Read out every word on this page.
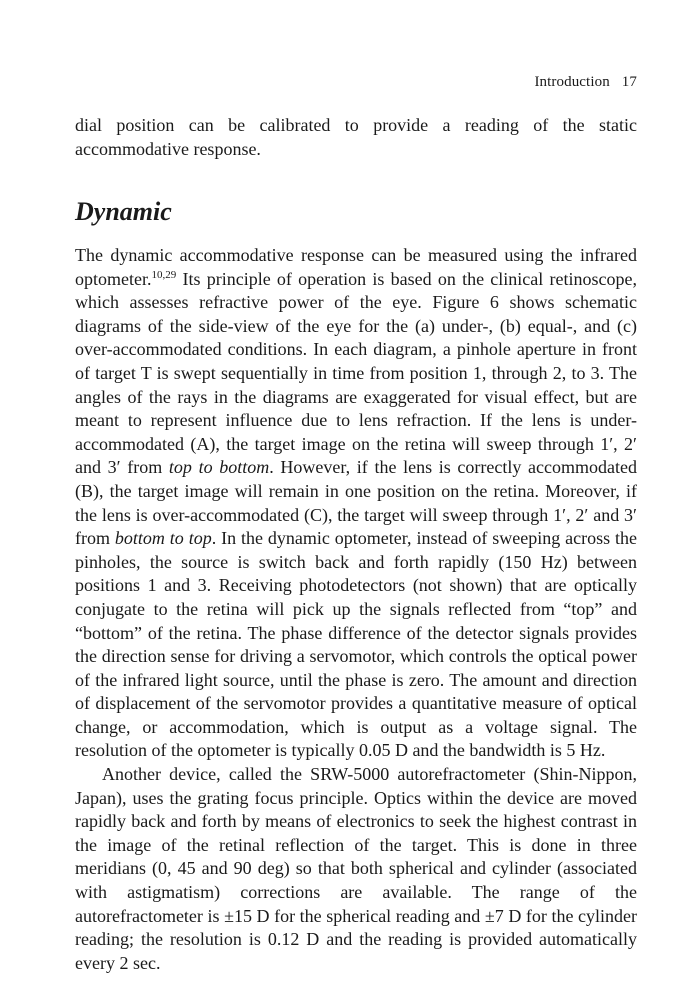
Introduction 17

dial position can be calibrated to provide a reading of the static accommodative response.

Dynamic

The dynamic accommodative response can be measured using the infrared optometer.$^{10,29}$ Its principle of operation is based on the clinical retinoscope, which assesses refractive power of the eye. Figure 6 shows schematic diagrams of the side-view of the eye for the (a) under-, (b) equal-, and (c) over-accommodated conditions. In each diagram, a pinhole aperture in front of target T is swept sequentially in time from position 1, through 2, to 3. The angles of the rays in the diagrams are exaggerated for visual effect, but are meant to represent influence due to lens refraction. If the lens is under-accommodated (A), the target image on the retina will sweep through 1′, 2′ and 3′ from top to bottom. However, if the lens is correctly accommodated (B), the target image will remain in one position on the retina. Moreover, if the lens is over-accommodated (C), the target will sweep through 1′, 2′ and 3′ from bottom to top. In the dynamic optometer, instead of sweeping across the pinholes, the source is switch back and forth rapidly (150 Hz) between positions 1 and 3. Receiving photodetectors (not shown) that are optically conjugate to the retina will pick up the signals reflected from “top” and “bottom” of the retina. The phase difference of the detector signals provides the direction sense for driving a servomotor, which controls the optical power of the infrared light source, until the phase is zero. The amount and direction of displacement of the servomotor provides a quantitative measure of optical change, or accommodation, which is output as a voltage signal. The resolution of the optometer is typically 0.05 D and the bandwidth is 5 Hz.

Another device, called the SRW-5000 autorefractometer (Shin-Nippon, Japan), uses the grating focus principle. Optics within the device are moved rapidly back and forth by means of electronics to seek the highest contrast in the image of the retinal reflection of the target. This is done in three meridians (0, 45 and 90 deg) so that both spherical and cylinder (associated with astigmatism) corrections are available. The range of the autorefractometer is ±15 D for the spherical reading and ±7 D for the cylinder reading; the resolution is 0.12 D and the reading is provided automatically every 2 sec.
